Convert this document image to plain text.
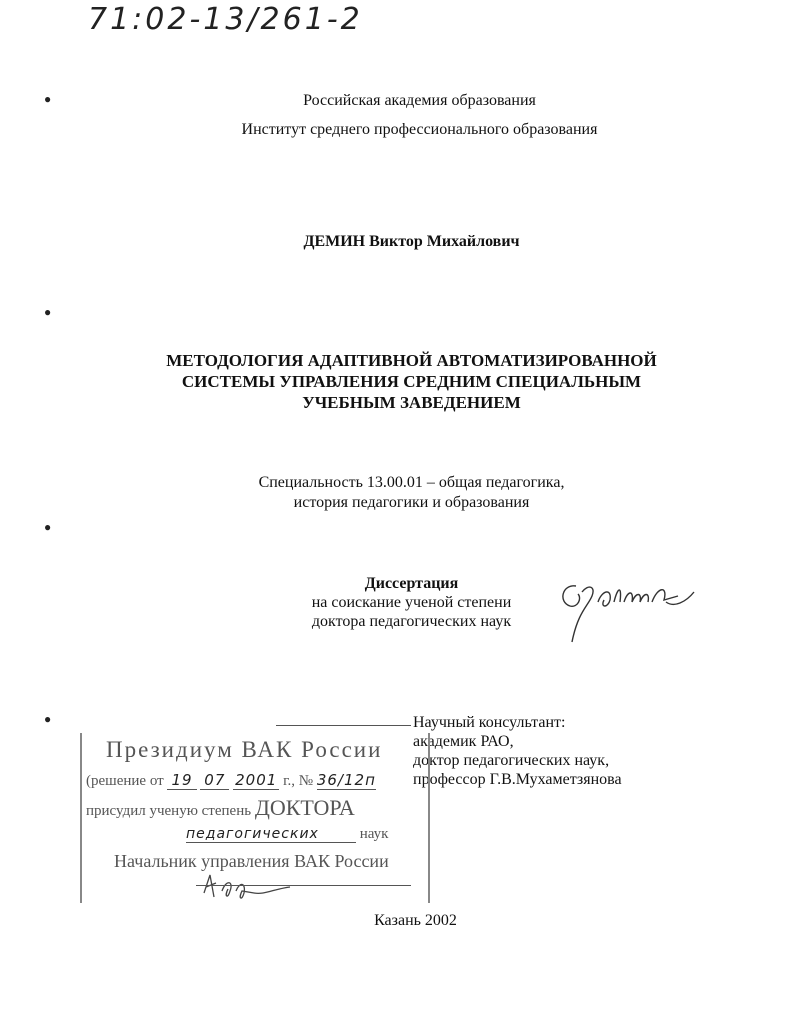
71:02-13/261-2
●
●
●
●
Российская академия образования
Институт среднего профессионального образования
ДЕМИН Виктор Михайлович
МЕТОДОЛОГИЯ АДАПТИВНОЙ АВТОМАТИЗИРОВАННОЙ
СИСТЕМЫ УПРАВЛЕНИЯ СРЕДНИМ СПЕЦИАЛЬНЫМ
УЧЕБНЫМ ЗАВЕДЕНИЕМ
Специальность 13.00.01 – общая педагогика,
история педагогики и образования
Диссертация
на соискание ученой степени
доктора педагогических наук
Научный консультант:
академик РАО,
доктор педагогических наук,
профессор Г.В.Мухаметзянова
Президиум ВАК России
(решение от 19 07 2001 г., № 36/12п
присудил ученую степень ДОКТОРА
педагогических	наук
Начальник управления ВАК России
Казань 2002
